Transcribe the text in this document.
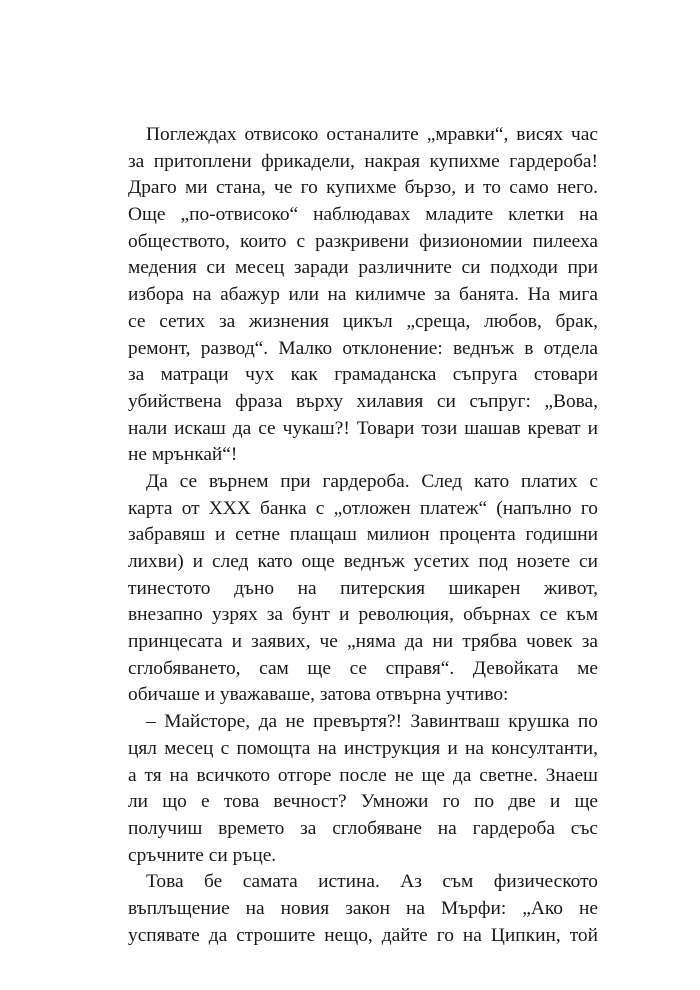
Поглеждах отвисоко останалите „мравки“, висях час
за притоплени фрикадели, накрая купихме гардероба!
Драго ми стана, че го купихме бързо, и то само него.
Още „по-отвисоко“ наблюдавах младите клетки на
обществото, които с разкривени физиономии пилееха
медения си месец заради различните си подходи при
избора на абажур или на килимче за банята. На мига
се сетих за жизнения цикъл „среща, любов, брак,
ремонт, развод“. Малко отклонение: веднъж в отдела
за матраци чух как грамаданска съпруга стовари
убийствена фраза върху хилавия си съпруг: „Вова,
нали искаш да се чукаш?! Товари този шашав креват и
не мрънкай“!
Да се върнем при гардероба. След като платих с
карта от XXX банка с „отложен платеж“ (напълно го
забравяш и сетне плащаш милион процента годишни
лихви) и след като още веднъж усетих под нозете си
тинестото дъно на питерския шикарен живот,
внезапно узрях за бунт и революция, обърнах се към
принцесата и заявих, че „няма да ни трябва човек за
сглобяването, сам ще се справя“. Девойката ме
обичаше и уважаваше, затова отвърна учтиво:
– Майсторе, да не превъртя?! Завинтваш крушка по
цял месец с помощта на инструкция и на консултанти,
а тя на всичкото отгоре после не ще да светне. Знаеш
ли що е това вечност? Умножи го по две и ще
получиш времето за сглобяване на гардероба със
сръчните си ръце.
Това бе самата истина. Аз съм физическото
въплъщение на новия закон на Мърфи: „Ако не
успявате да строшите нещо, дайте го на Ципкин, той
